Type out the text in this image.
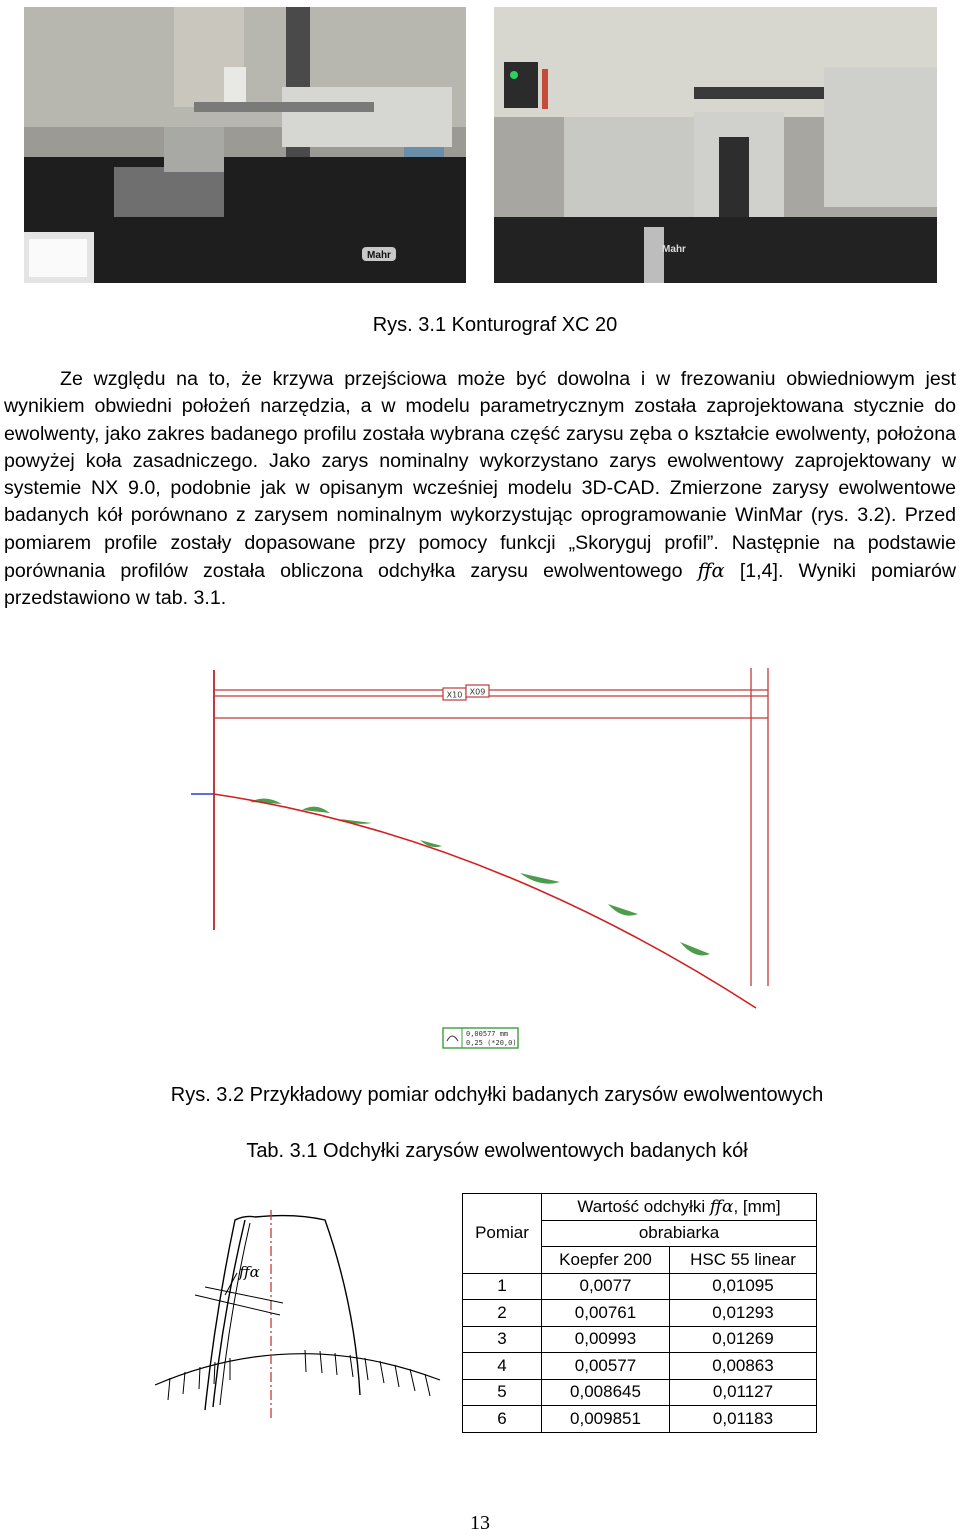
Mahr
Mahr
Rys. 3.1 Konturograf XC 20
Ze względu na to, że krzywa przejściowa może być dowolna i w frezowaniu obwiedniowym jest wynikiem obwiedni położeń narzędzia, a w modelu parametrycznym została zaprojektowana stycznie do ewolwenty, jako zakres badanego profilu została wybrana część zarysu zęba o kształcie ewolwenty, położona powyżej koła zasadniczego. Jako zarys nominalny wykorzystano zarys ewolwentowy zaprojektowany w systemie NX 9.0, podobnie jak w opisanym wcześniej modelu 3D-CAD. Zmierzone zarysy ewolwentowe badanych kół porównano z zarysem nominalnym wykorzystując oprogramowanie WinMar (rys. 3.2). Przed pomiarem profile zostały dopasowane przy pomocy funkcji „Skoryguj profil”. Następnie na podstawie porównania profilów została obliczona odchyłka zarysu ewolwentowego ffα [1,4]. Wyniki pomiarów przedstawiono w tab. 3.1.
X10 X09
0,00577 mm
0,25 (*20,0)
Rys. 3.2 Przykładowy pomiar odchyłki badanych zarysów ewolwentowych
Tab. 3.1 Odchyłki zarysów ewolwentowych badanych kół
ffα
Pomiar	Wartość odchyłki ffα, [mm]	
	obrabiarka	
	Koepfer 200	HSC 55 linear
1	0,0077	0,01095
2	0,00761	0,01293
3	0,00993	0,01269
4	0,00577	0,00863
5	0,008645	0,01127
6	0,009851	0,01183
13
